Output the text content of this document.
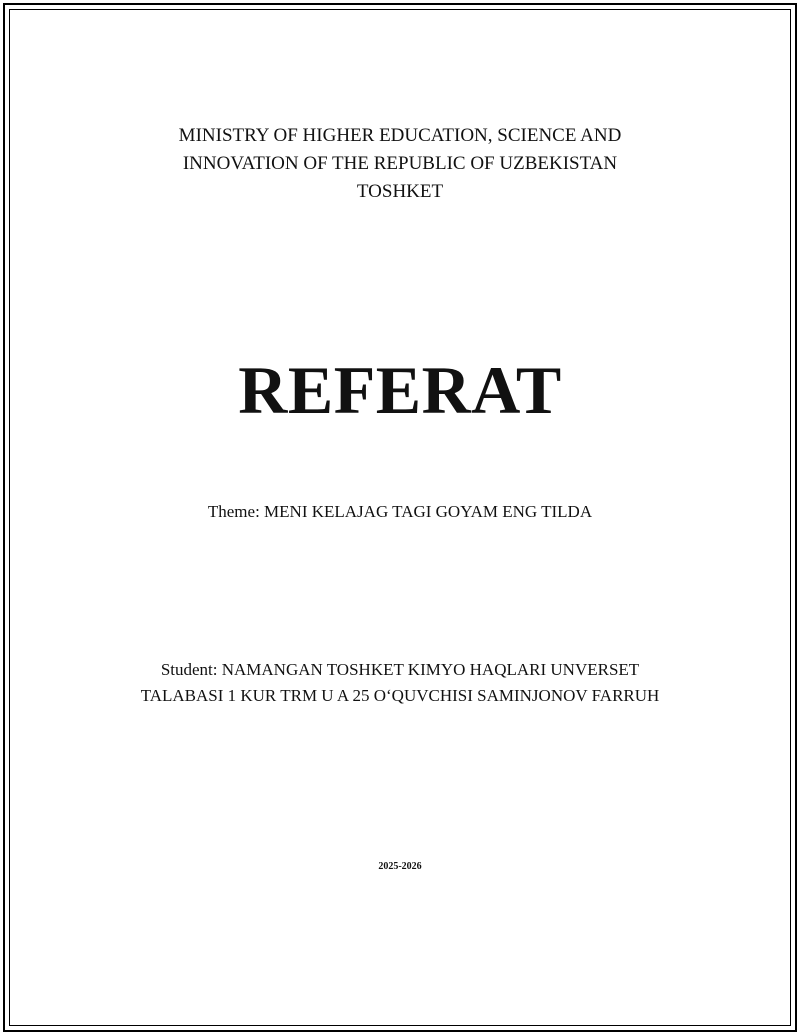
MINISTRY OF HIGHER EDUCATION, SCIENCE AND
INNOVATION OF THE REPUBLIC OF UZBEKISTAN
TOSHKET
REFERAT
Theme: MENI KELAJAG TAGI GOYAM ENG TILDA
Student: NAMANGAN TOSHKET KIMYO HAQLARI UNVERSET
TALABASI 1 KUR TRM U A 25 O‘QUVCHISI SAMINJONOV FARRUH
2025-2026
